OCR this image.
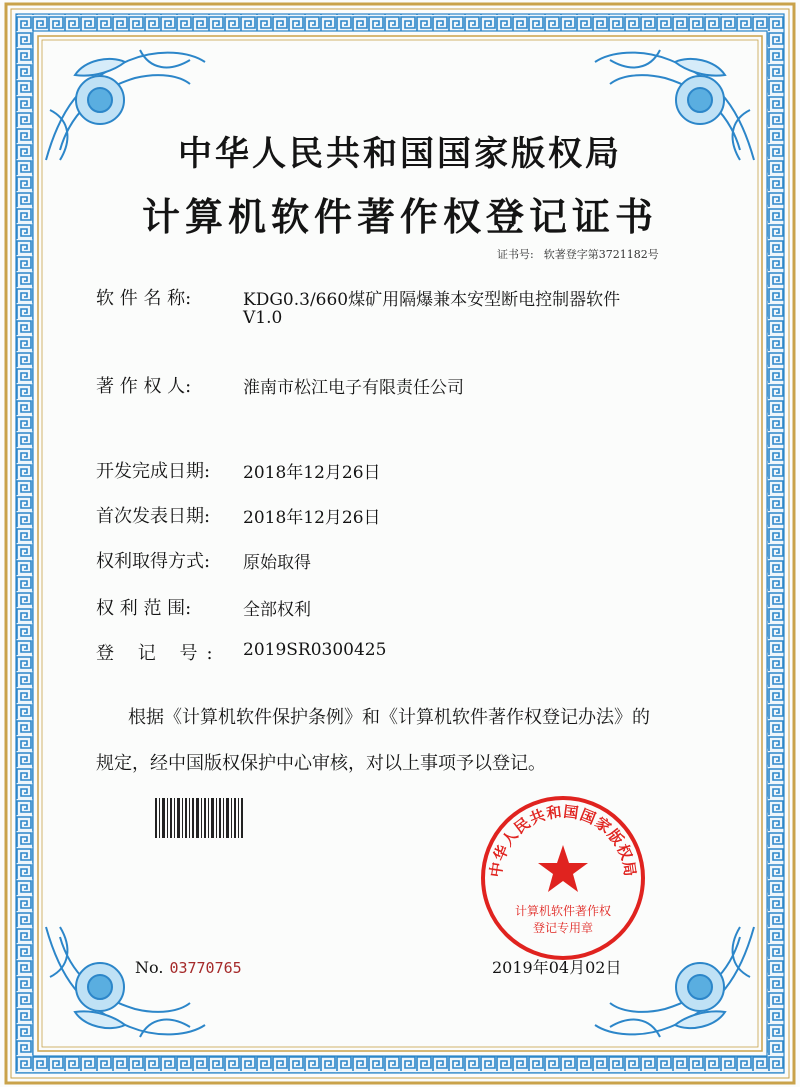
中华人民共和国国家版权局
计算机软件著作权登记证书
证书号: 软著登字第3721182号
软 件 名 称:	KDG0.3/660煤矿用隔爆兼本安型断电控制器软件
V1.0
著 作 权 人:	淮南市松江电子有限责任公司
开发完成日期:	2018年12月26日
首次发表日期:	2018年12月26日
权利取得方式:	原始取得
权 利 范 围:	全部权利
登 记 号:	2019SR0300425
根据《计算机软件保护条例》和《计算机软件著作权登记办法》的
规定，经中国版权保护中心审核，对以上事项予以登记。
No. 03770765	2019年04月02日
中华人民共和国国家版权局
计算机软件著作权
登记专用章
